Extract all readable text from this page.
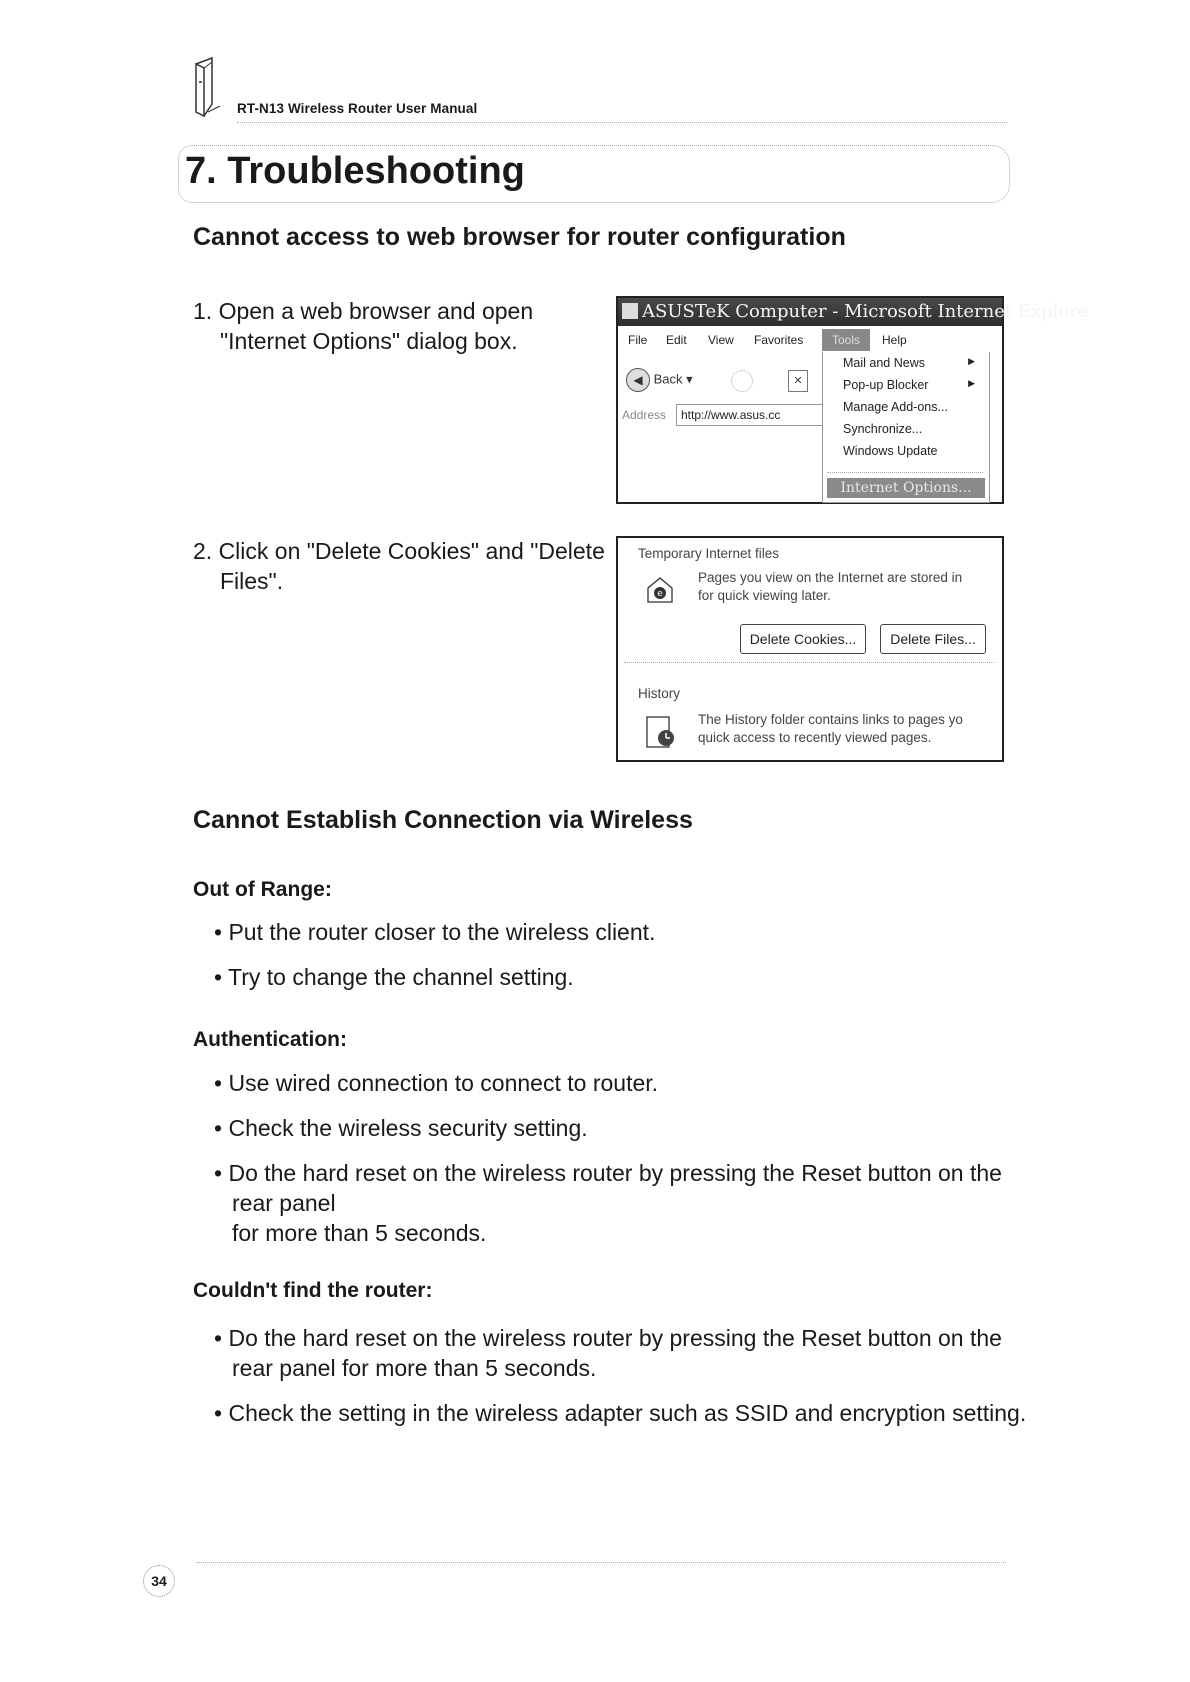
RT-N13 Wireless Router User Manual
7. Troubleshooting
Cannot access to web browser for router configuration
1. Open a web browser and open
"Internet Options" dialog box.
ASUSTeK Computer - Microsoft Internet Explore
File Edit View Favorites	Tools	Help
◀ Back ▾	✕
Address	http://www.asus.cc
Mail and News	▶
Pop-up Blocker	▶
Manage Add-ons...
Synchronize...
Windows Update
Internet Options...
2. Click on "Delete Cookies" and "Delete
Files".
Temporary Internet files
e
Pages you view on the Internet are stored in
for quick viewing later.
Delete Cookies...	Delete Files...
History
The History folder contains links to pages yo
quick access to recently viewed pages.
Cannot Establish Connection via Wireless
Out of Range:
• Put the router closer to the wireless client.
• Try to change the channel setting.
Authentication:
• Use wired connection to connect to router.
• Check the wireless security setting.
• Do the hard reset on the wireless router by pressing the Reset button on the
rear panel
for more than 5 seconds.
Couldn't find the router:
• Do the hard reset on the wireless router by pressing the Reset button on the
rear panel for more than 5 seconds.
• Check the setting in the wireless adapter such as SSID and encryption setting.
34
